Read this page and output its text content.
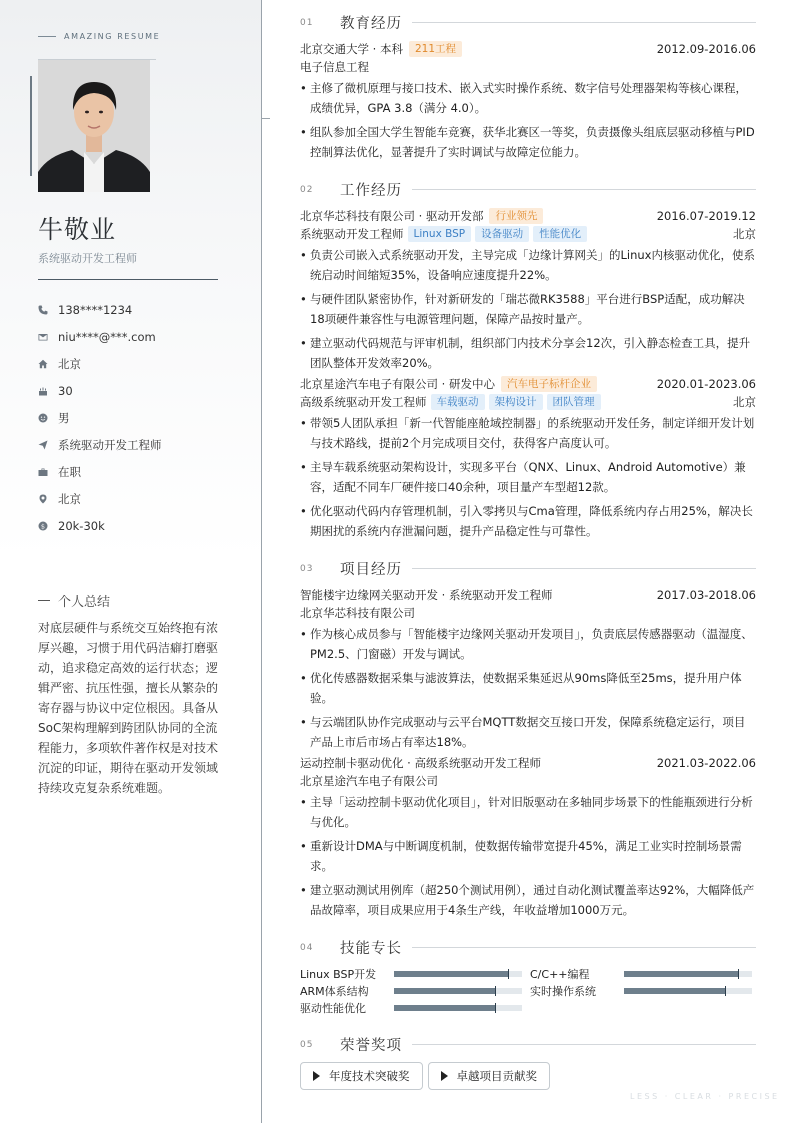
AMAZING RESUME
牛敬业
系统驱动开发工程师
138****1234
niu****@***.com
北京
30
男
系统驱动开发工程师
在职
北京
$ 20k-30k
个人总结
对底层硬件与系统交互始终抱有浓厚兴趣，习惯于用代码洁癖打磨驱动，追求稳定高效的运行状态；逻辑严密、抗压性强，擅长从繁杂的寄存器与协议中定位根因。具备从SoC架构理解到跨团队协同的全流程能力，多项软件著作权是对技术沉淀的印证，期待在驱动开发领域持续攻克复杂系统难题。
01	教育经历
北京交通大学 · 本科	211工程	2012.09-2016.06
电子信息工程
• 主修了微机原理与接口技术、嵌入式实时操作系统、数字信号处理器架构等核心课程，成绩优异，GPA 3.8（满分 4.0）。
• 组队参加全国大学生智能车竞赛，获华北赛区一等奖，负责摄像头组底层驱动移植与PID 控制算法优化，显著提升了实时调试与故障定位能力。
02	工作经历
北京华芯科技有限公司 · 驱动开发部	行业领先	2016.07-2019.12
系统驱动开发工程师 Linux BSP	设备驱动	性能优化	北京
• 负责公司嵌入式系统驱动开发，主导完成「边缘计算网关」的Linux内核驱动优化，使系统启动时间缩短35%，设备响应速度提升22%。
• 与硬件团队紧密协作，针对新研发的「瑞芯微RK3588」平台进行BSP适配，成功解决18项硬件兼容性与电源管理问题，保障产品按时量产。
• 建立驱动代码规范与评审机制，组织部门内技术分享会12次，引入静态检查工具，提升团队整体开发效率20%。
北京星途汽车电子有限公司 · 研发中心	汽车电子标杆企业	2020.01-2023.06
高级系统驱动开发工程师 车载驱动	架构设计	团队管理	北京
• 带领5人团队承担「新一代智能座舱域控制器」的系统驱动开发任务，制定详细开发计划与技术路线，提前2个月完成项目交付，获得客户高度认可。
• 主导车载系统驱动架构设计，实现多平台（QNX、Linux、Android Automotive）兼容，适配不同车厂硬件接口40余种，项目量产车型超12款。
• 优化驱动代码内存管理机制，引入零拷贝与Cma管理，降低系统内存占用25%，解决长期困扰的系统内存泄漏问题，提升产品稳定性与可靠性。
03	项目经历
智能楼宇边缘网关驱动开发 · 系统驱动开发工程师	2017.03-2018.06
北京华芯科技有限公司
• 作为核心成员参与「智能楼宇边缘网关驱动开发项目」，负责底层传感器驱动（温湿度、PM2.5、门窗磁）开发与调试。
• 优化传感器数据采集与滤波算法，使数据采集延迟从90ms降低至25ms，提升用户体验。
• 与云端团队协作完成驱动与云平台MQTT数据交互接口开发，保障系统稳定运行，项目产品上市后市场占有率达18%。
运动控制卡驱动优化 · 高级系统驱动开发工程师	2021.03-2022.06
北京星途汽车电子有限公司
• 主导「运动控制卡驱动优化项目」，针对旧版驱动在多轴同步场景下的性能瓶颈进行分析与优化。
• 重新设计DMA与中断调度机制，使数据传输带宽提升45%，满足工业实时控制场景需求。
• 建立驱动测试用例库（超250个测试用例），通过自动化测试覆盖率达92%，大幅降低产品故障率，项目成果应用于4条生产线，年收益增加1000万元。
04	技能专长
Linux BSP开发	C/C++编程
ARM体系结构	实时操作系统
驱动性能优化
05	荣誉奖项
年度技术突破奖	卓越项目贡献奖
LESS · CLEAR · PRECISE
